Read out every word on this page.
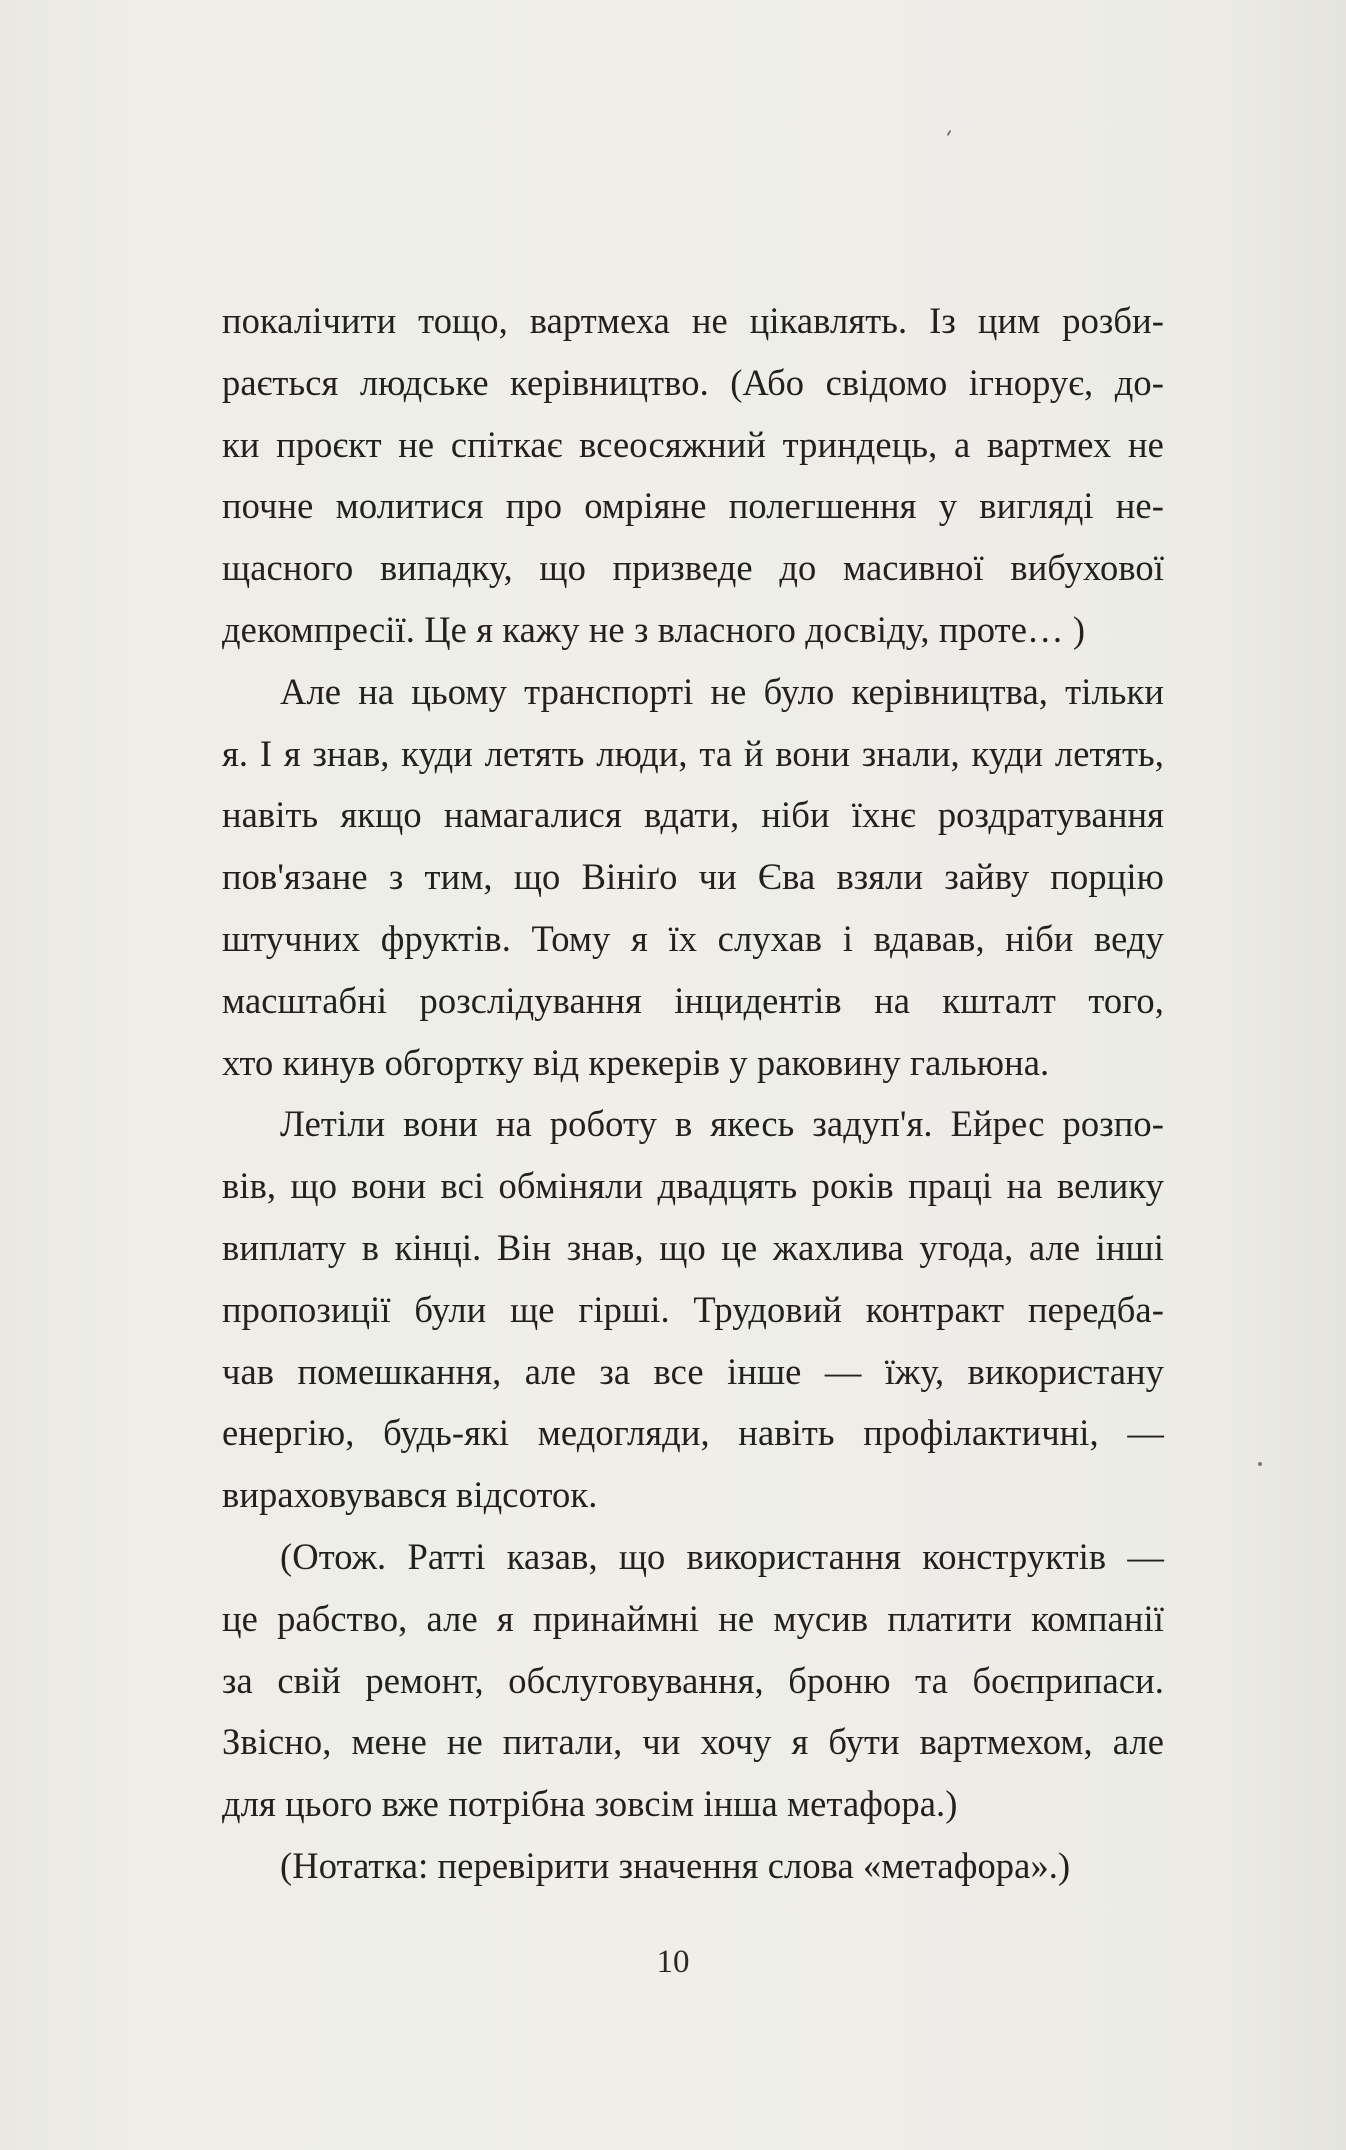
покалічити тощо, вартмеха не цікавлять. Із цим розби-
рається людське керівництво. (Або свідомо ігнорує, до-
ки проєкт не спіткає всеосяжний триндець, а вартмех не
почне молитися про омріяне полегшення у вигляді не-
щасного випадку, що призведе до масивної вибухової
декомпресії. Це я кажу не з власного досвіду, проте… )
Але на цьому транспорті не було керівництва, тільки
я. І я знав, куди летять люди, та й вони знали, куди летять,
навіть якщо намагалися вдати, ніби їхнє роздратування
пов'язане з тим, що Вініґо чи Єва взяли зайву порцію
штучних фруктів. Тому я їх слухав і вдавав, ніби веду
масштабні розслідування інцидентів на кшталт того,
хто кинув обгортку від крекерів у раковину гальюна.
Летіли вони на роботу в якесь задуп'я. Ейрес розпо-
вів, що вони всі обміняли двадцять років праці на велику
виплату в кінці. Він знав, що це жахлива угода, але інші
пропозиції були ще гірші. Трудовий контракт передба-
чав помешкання, але за все інше — їжу, використану
енергію, будь-які медогляди, навіть профілактичні, —
вираховувався відсоток.
(Отож. Ратті казав, що використання конструктів —
це рабство, але я принаймні не мусив платити компанії
за свій ремонт, обслуговування, броню та боєприпаси.
Звісно, мене не питали, чи хочу я бути вартмехом, але
для цього вже потрібна зовсім інша метафора.)
(Нотатка: перевірити значення слова «метафора».)
10
